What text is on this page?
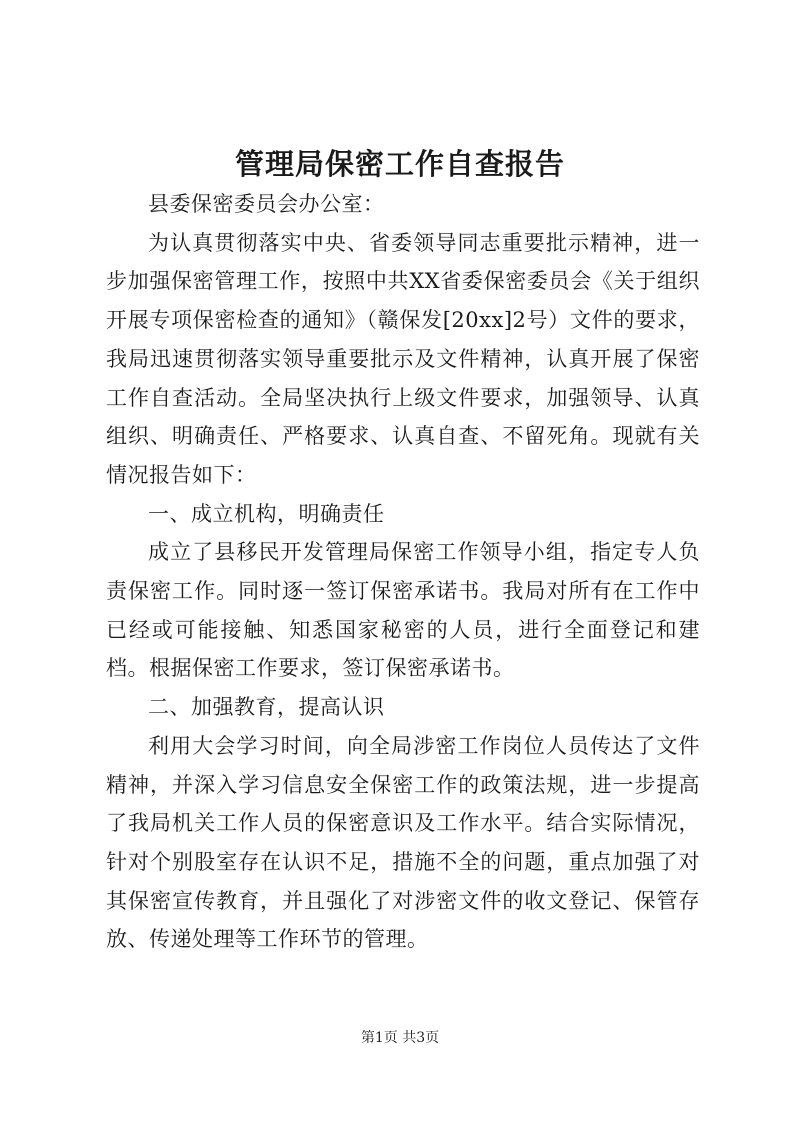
管理局保密工作自查报告

县委保密委员会办公室：

为认真贯彻落实中央、省委领导同志重要批示精神，进一步加强保密管理工作，按照中共XX省委保密委员会《关于组织开展专项保密检查的通知》（赣保发[20xx]2号）文件的要求，我局迅速贯彻落实领导重要批示及文件精神，认真开展了保密工作自查活动。全局坚决执行上级文件要求，加强领导、认真组织、明确责任、严格要求、认真自查、不留死角。现就有关情况报告如下：

一、成立机构，明确责任

成立了县移民开发管理局保密工作领导小组，指定专人负责保密工作。同时逐一签订保密承诺书。我局对所有在工作中已经或可能接触、知悉国家秘密的人员，进行全面登记和建档。根据保密工作要求，签订保密承诺书。

二、加强教育，提高认识

利用大会学习时间，向全局涉密工作岗位人员传达了文件精神，并深入学习信息安全保密工作的政策法规，进一步提高了我局机关工作人员的保密意识及工作水平。结合实际情况，针对个别股室存在认识不足，措施不全的问题，重点加强了对其保密宣传教育，并且强化了对涉密文件的收文登记、保管存放、传递处理等工作环节的管理。

第1页 共3页
